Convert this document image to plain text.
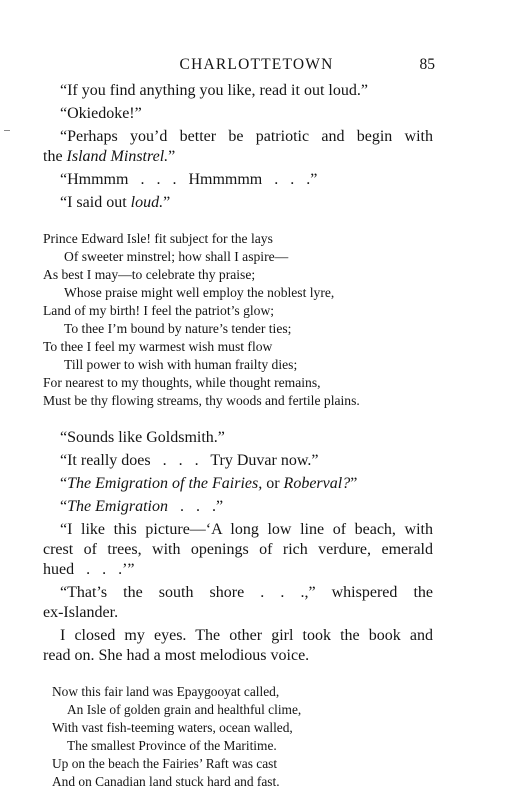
CHARLOTTETOWN	85
“If you find anything you like, read it out loud.”
“Okiedoke!”
“Perhaps you’d better be patriotic and begin with
the Island Minstrel.”
“Hmmmm   .   .   .   Hmmmmm   .   .   .”
“I said out loud.”
Prince Edward Isle! fit subject for the lays
Of sweeter minstrel; how shall I aspire—
As best I may—to celebrate thy praise;
Whose praise might well employ the noblest lyre,
Land of my birth! I feel the patriot’s glow;
To thee I’m bound by nature’s tender ties;
To thee I feel my warmest wish must flow
Till power to wish with human frailty dies;
For nearest to my thoughts, while thought remains,
Must be thy flowing streams, thy woods and fertile plains.
“Sounds like Goldsmith.”
“It really does   .   .   .   Try Duvar now.”
“The Emigration of the Fairies, or Roberval?”
“The Emigration   .   .   .”
“I like this picture—‘A long low line of beach, with
crest of trees, with openings of rich verdure, emerald
hued   .   .   .’”
“That’s the south shore . . .,” whispered the
ex-Islander.
I closed my eyes. The other girl took the book and
read on. She had a most melodious voice.
Now this fair land was Epaygooyat called,
An Isle of golden grain and healthful clime,
With vast fish-teeming waters, ocean walled,
The smallest Province of the Maritime.
Up on the beach the Fairies’ Raft was cast
And on Canadian land stuck hard and fast.
